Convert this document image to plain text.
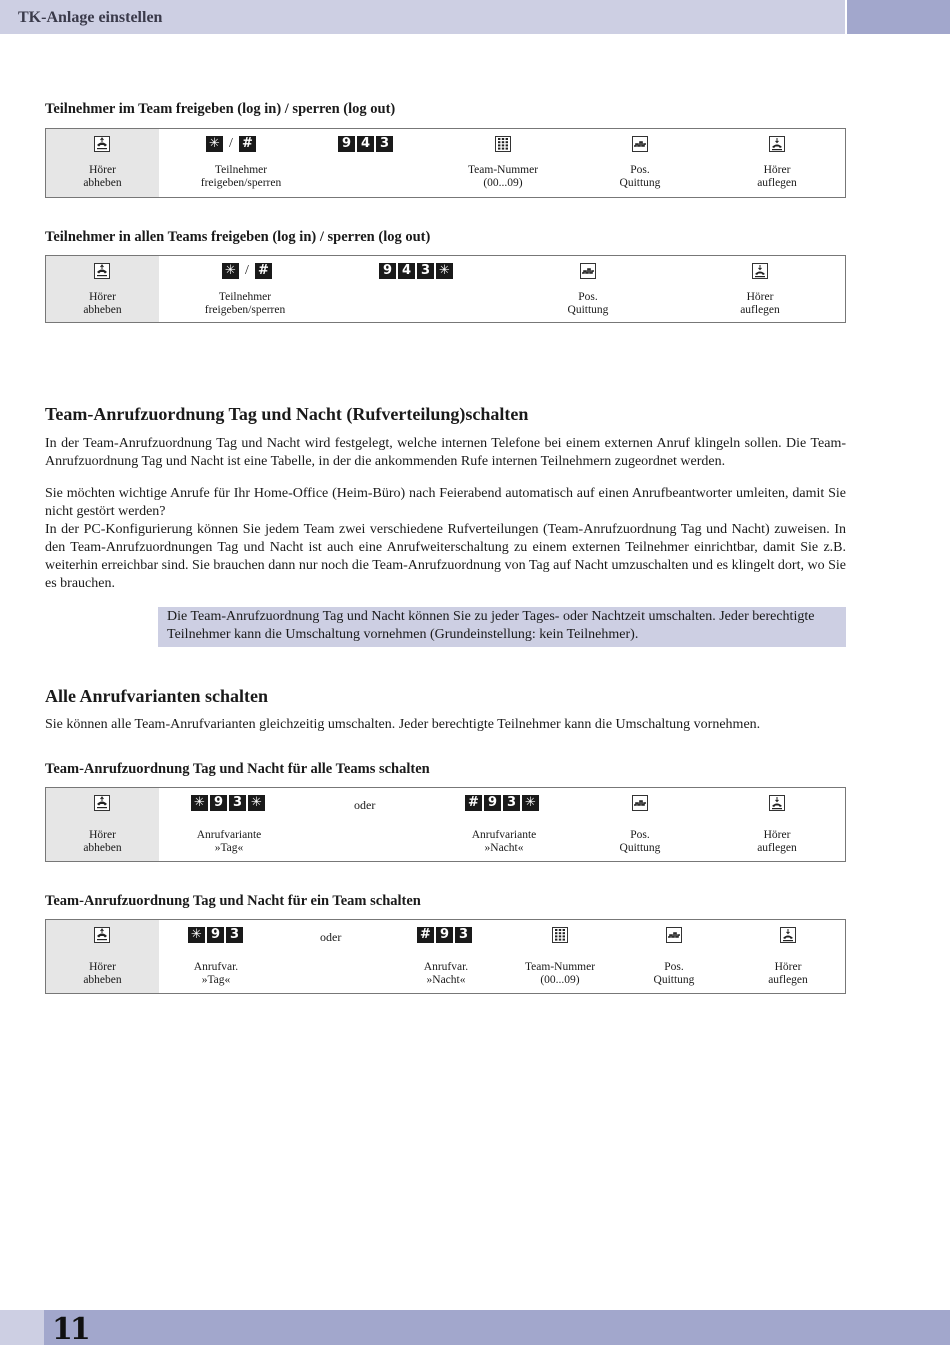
TK-Anlage einstellen
11
Teilnehmer im Team freigeben (log in) / sperren (log out)
Hörer
abheben
✳ / #
Teilnehmer
freigeben/sperren
9 4 3
Team-Nummer
(00...09)
Pos.
Quittung
Hörer
auflegen
Teilnehmer in allen Teams freigeben (log in) / sperren (log out)
Hörer
abheben
✳ / #
Teilnehmer
freigeben/sperren
9 4 3 ✳
Pos.
Quittung
Hörer
auflegen
Team-Anrufzuordnung Tag und Nacht (Rufverteilung)schalten

In der Team-Anrufzuordnung Tag und Nacht wird festgelegt, welche internen Telefone bei einem externen Anruf klingeln sollen. Die Team-Anrufzuordnung Tag und Nacht ist eine Tabelle, in der die ankommenden Rufe internen Teilnehmern zugeordnet werden.

Sie möchten wichtige Anrufe für Ihr Home-Office (Heim-Büro) nach Feierabend automatisch auf einen Anrufbeantworter umleiten, damit Sie nicht gestört werden?

In der PC-Konfigurierung können Sie jedem Team zwei verschiedene Rufverteilungen (Team-Anrufzuordnung Tag und Nacht) zuweisen. In den Team-Anrufzuordnungen Tag und Nacht ist auch eine Anrufweiterschaltung zu einem externen Teilnehmer einrichtbar, damit Sie z.B. weiterhin erreichbar sind. Sie brauchen dann nur noch die Team-Anrufzuordnung von Tag auf Nacht umzuschalten und es klingelt dort, wo Sie es brauchen.

Die Team-Anrufzuordnung Tag und Nacht können Sie zu jeder Tages- oder Nachtzeit umschalten. Jeder berechtigte Teilnehmer kann die Umschaltung vornehmen (Grundeinstellung: kein Teilnehmer).

Alle Anrufvarianten schalten

Sie können alle Team-Anrufvarianten gleichzeitig umschalten. Jeder berechtigte Teilnehmer kann die Umschaltung vornehmen.

Team-Anrufzuordnung Tag und Nacht für alle Teams schalten
Hörer
abheben
✳ 9 3 ✳
Anrufvariante
»Tag«
oder	# 9 3 ✳
Anrufvariante
»Nacht«
Pos.
Quittung
Hörer
auflegen
Team-Anrufzuordnung Tag und Nacht für ein Team schalten
Hörer
abheben
✳ 9 3
Anrufvar.
»Tag«
oder	# 9 3
Anrufvar.
»Nacht«
Team-Nummer
(00...09)
Pos.
Quittung
Hörer
auflegen
